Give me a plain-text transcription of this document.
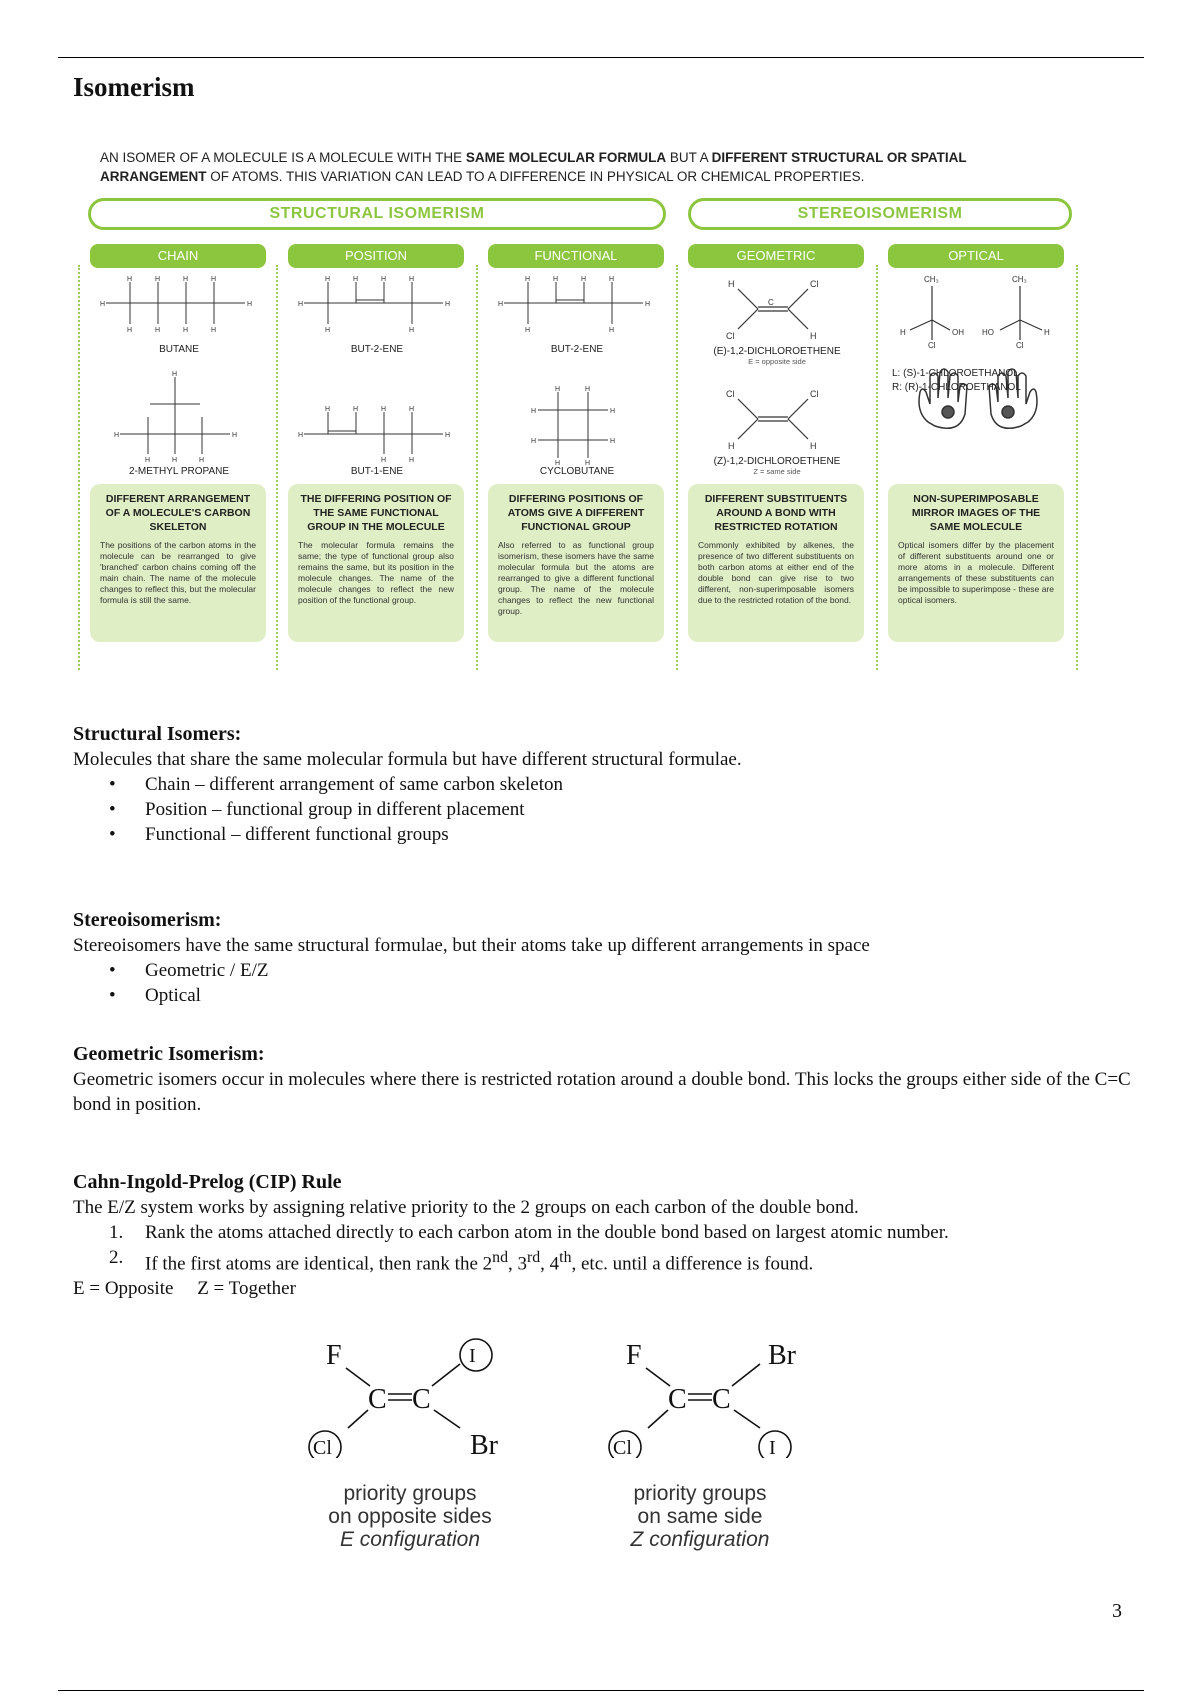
Isomerism
AN ISOMER OF A MOLECULE IS A MOLECULE WITH THE SAME MOLECULAR FORMULA BUT A DIFFERENT STRUCTURAL OR SPATIAL ARRANGEMENT OF ATOMS. THIS VARIATION CAN LEAD TO A DIFFERENCE IN PHYSICAL OR CHEMICAL PROPERTIES.
STRUCTURAL ISOMERISM	STEREOISOMERISM
CHAIN
H	H
H	H	H	H
H	H	H	H
H	H
H
H	H	H
BUTANE
2-METHYL PROPANE
DIFFERENT ARRANGEMENT OF A MOLECULE'S CARBON SKELETON
The positions of the carbon atoms in the molecule can be rearranged to give 'branched' carbon chains coming off the main chain. The name of the molecule changes to reflect this, but the molecular formula is still the same.
POSITION
H	H
H	H	H	H
H	H
H	H
H	H	H	H
H	H
BUT-2-ENE
BUT-1-ENE
THE DIFFERING POSITION OF THE SAME FUNCTIONAL GROUP IN THE MOLECULE
The molecular formula remains the same; the type of functional group also remains the same, but its position in the molecule changes. The name of the molecule changes to reflect the new position of the functional group.
FUNCTIONAL
H	H
H	H	H	H
H	H
H	H
H	H
H	H
H	H
BUT-2-ENE
CYCLOBUTANE
DIFFERING POSITIONS OF ATOMS GIVE A DIFFERENT FUNCTIONAL GROUP
Also referred to as functional group isomerism, these isomers have the same molecular formula but the atoms are rearranged to give a different functional group. The name of the molecule changes to reflect the new functional group.
GEOMETRIC
H	Cl
Cl	H
C
Cl	Cl
H	H
(E)-1,2-DICHLOROETHENE
E = opposite side
(Z)-1,2-DICHLOROETHENE
Z = same side
DIFFERENT SUBSTITUENTS AROUND A BOND WITH RESTRICTED ROTATION
Commonly exhibited by alkenes, the presence of two different substituents on both carbon atoms at either end of the double bond can give rise to two different, non-superimposable isomers due to the restricted rotation of the bond.
OPTICAL
CH₃
Cl
H	OH
CH₃
Cl
HO	H
L: (S)-1-CHLOROETHANOL
R: (R)-1-CHLOROETHANOL
NON-SUPERIMPOSABLE MIRROR IMAGES OF THE SAME MOLECULE
Optical isomers differ by the placement of different substituents around one or more atoms in a molecule. Different arrangements of these substituents can be impossible to superimpose - these are optical isomers.
Structural Isomers:

Molecules that share the same molecular formula but have different structural formulae.

• Chain – different arrangement of same carbon skeleton
• Position – functional group in different placement
• Functional – different functional groups
Stereoisomerism:

Stereoisomers have the same structural formulae, but their atoms take up different arrangements in space

• Geometric / E/Z
• Optical
Geometric Isomerism:

Geometric isomers occur in molecules where there is restricted rotation around a double bond. This locks the groups either side of the C=C bond in position.

Cahn-Ingold-Prelog (CIP) Rule

The E/Z system works by assigning relative priority to the 2 groups on each carbon of the double bond.

1. Rank the atoms attached directly to each carbon atom in the double bond based on largest atomic number.
2. If the first atoms are identical, then rank the 2nd, 3rd, 4th, etc. until a difference is found.

E = Opposite Z = Together

F
C C
I
Cl	Br
F
C C
Br
Cl	I
priority groups
on opposite sides
E configuration
priority groups
on same side
Z configuration
3
